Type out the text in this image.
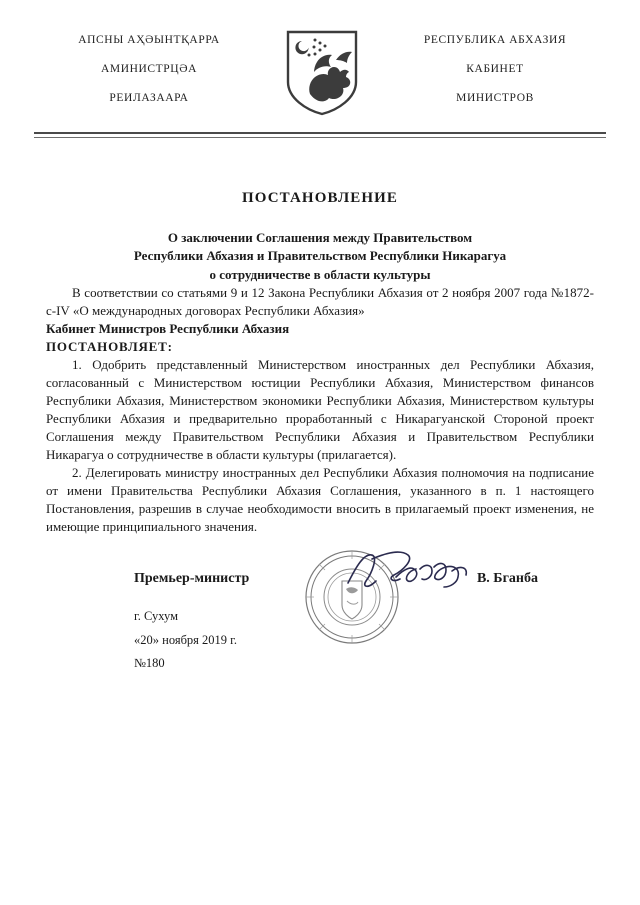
АПСНЫ АҲӘЫНТҚАРРА
АМИНИСТРЦӘА
РЕИЛАЗААРА
РЕСПУБЛИКА АБХАЗИЯ
КАБИНЕТ
МИНИСТРОВ
ПОСТАНОВЛЕНИЕ
О заключении Соглашения между Правительством
Республики Абхазия и Правительством Республики Никарагуа
о сотрудничестве в области культуры

В соответствии со статьями 9 и 12 Закона Республики Абхазия от 2 ноября 2007 года №1872-с-IV «О международных договорах Республики Абхазия»

Кабинет Министров Республики Абхазия

ПОСТАНОВЛЯЕТ:

1. Одобрить представленный Министерством иностранных дел Республики Абхазия, согласованный с Министерством юстиции Республики Абхазия, Министерством финансов Республики Абхазия, Министерством экономики Республики Абхазия, Министерством культуры Республики Абхазия и предварительно проработанный с Никарагуанской Стороной проект Соглашения между Правительством Республики Абхазия и Правительством Республики Никарагуа о сотрудничестве в области культуры (прилагается).

2. Делегировать министру иностранных дел Республики Абхазия полномочия на подписание от имени Правительства Республики Абхазия Соглашения, указанного в п. 1 настоящего Постановления, разрешив в случае необходимости вносить в прилагаемый проект изменения, не имеющие принципиального значения.

Премьер-министр	В. Бганба
г. Сухум
«20» ноября 2019 г.
№180
